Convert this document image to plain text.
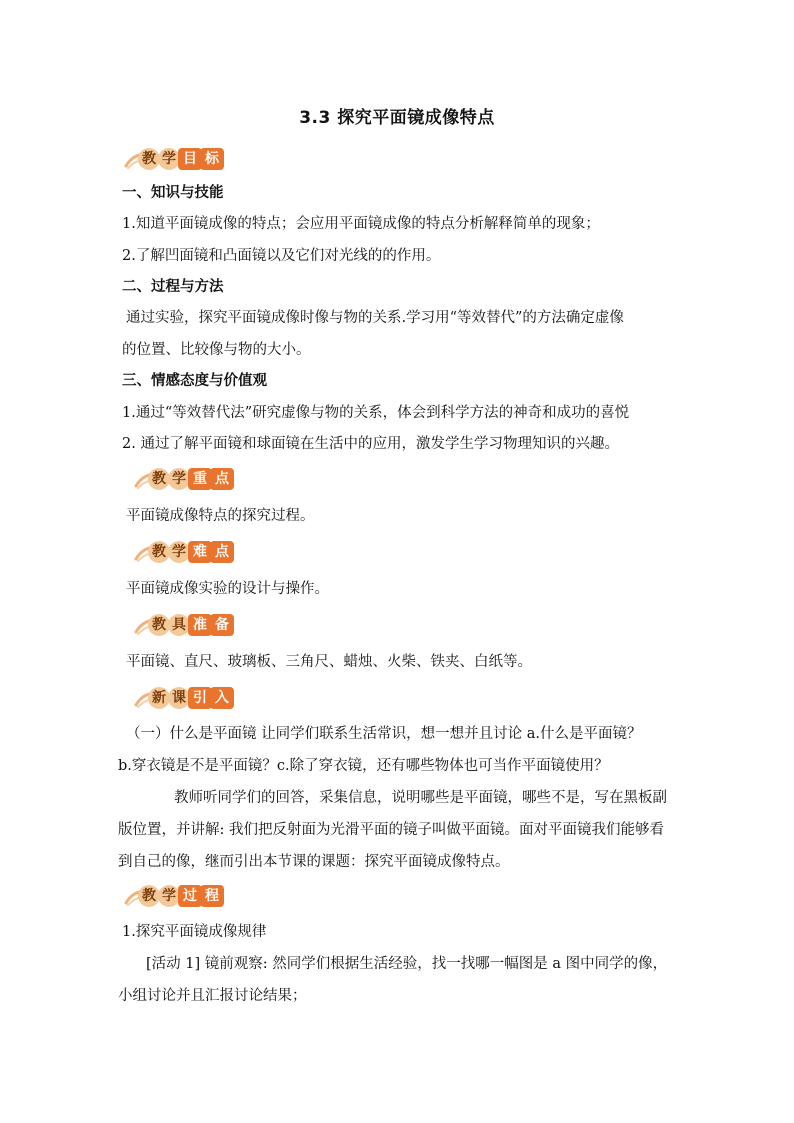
3.3 探究平面镜成像特点
教 学 目 标
一、知识与技能
1.知道平面镜成像的特点；会应用平面镜成像的特点分析解释简单的现象；
2.了解凹面镜和凸面镜以及它们对光线的的作用。
二、过程与方法
通过实验，探究平面镜成像时像与物的关系.学习用“等效替代”的方法确定虚像
的位置、比较像与物的大小。
三、情感态度与价值观
1.通过“等效替代法”研究虚像与物的关系，体会到科学方法的神奇和成功的喜悦
2. 通过了解平面镜和球面镜在生活中的应用，激发学生学习物理知识的兴趣。
教 学 重 点
平面镜成像特点的探究过程。
教 学 难 点
平面镜成像实验的设计与操作。
教 具 准 备
平面镜、直尺、玻璃板、三角尺、蜡烛、火柴、铁夹、白纸等。
新 课 引 入
（一）什么是平面镜 让同学们联系生活常识，想一想并且讨论 a.什么是平面镜？
b.穿衣镜是不是平面镜？c.除了穿衣镜，还有哪些物体也可当作平面镜使用？
教师听同学们的回答，采集信息，说明哪些是平面镜，哪些不是，写在黑板副
版位置，并讲解: 我们把反射面为光滑平面的镜子叫做平面镜。面对平面镜我们能够看
到自己的像，继而引出本节课的课题：探究平面镜成像特点。
教 学 过 程
1.探究平面镜成像规律
[活动 1] 镜前观察: 然同学们根据生活经验，找一找哪一幅图是 a 图中同学的像，
小组讨论并且汇报讨论结果；
